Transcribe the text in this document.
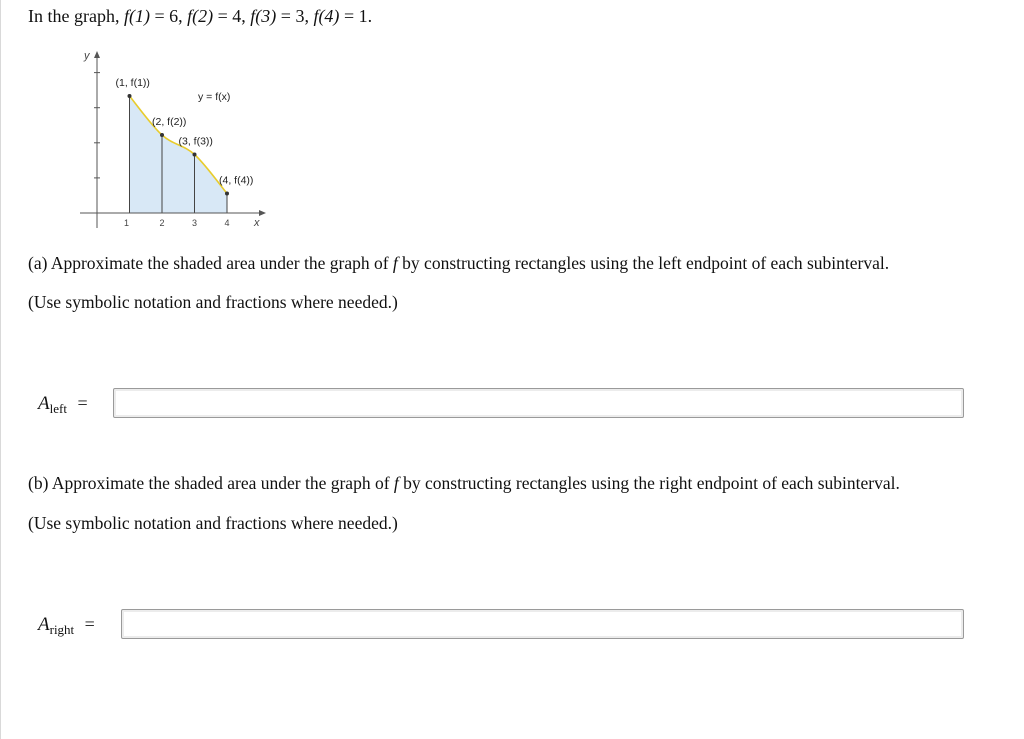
In the graph, f(1) = 6, f(2) = 4, f(3) = 3, f(4) = 1.
1	2	3	4
(1, f(1))
(2, f(2))
(3, f(3))
(4, f(4))
y
x
y = f(x)
(a) Approximate the shaded area under the graph of f by constructing rectangles using the left endpoint of each subinterval.
(Use symbolic notation and fractions where needed.)
$A_{left}$ =
(b) Approximate the shaded area under the graph of f by constructing rectangles using the right endpoint of each subinterval.
(Use symbolic notation and fractions where needed.)
$A_{right}$ =
